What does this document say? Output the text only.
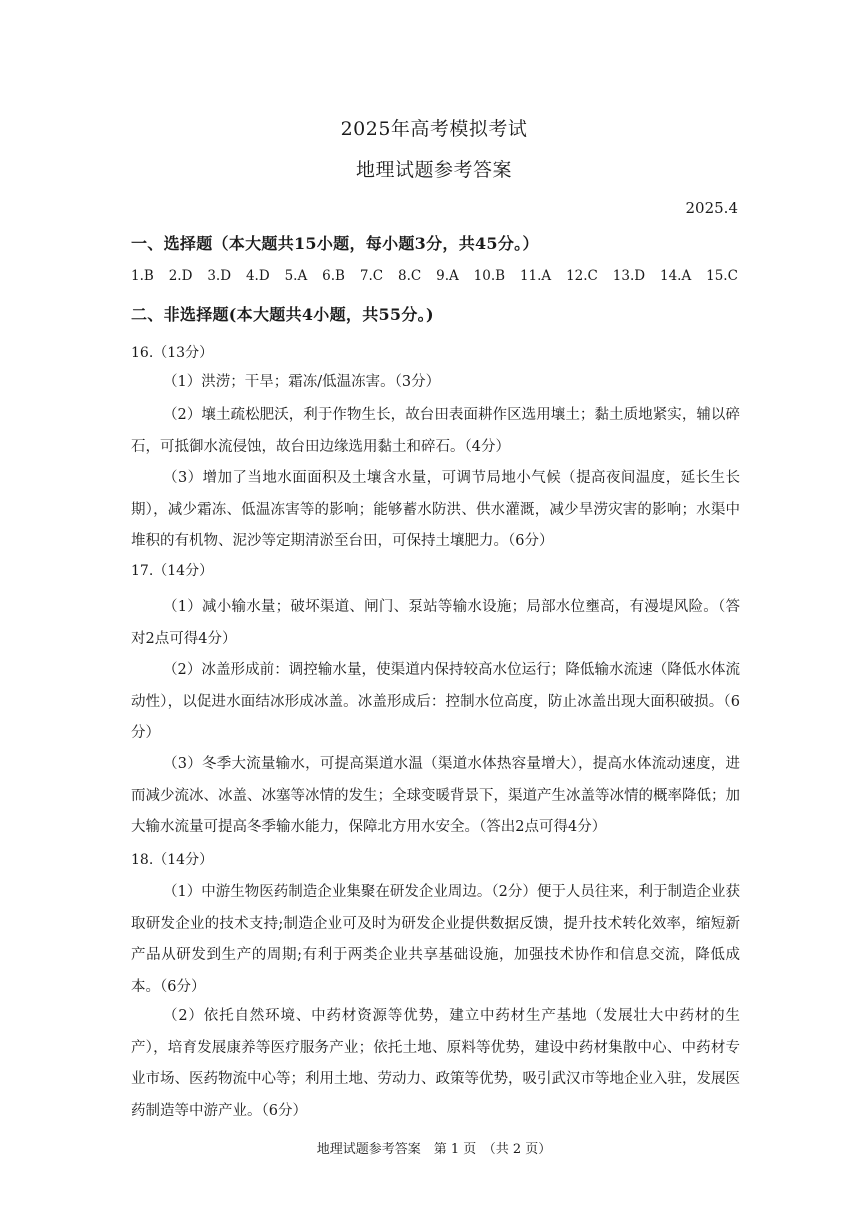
2025年高考模拟考试
地理试题参考答案
2025.4
一、选择题（本大题共15小题，每小题3分，共45分。）
1.B 2.D 3.D 4.D 5.A 6.B 7.C 8.C 9.A 10.B 11.A 12.C 13.D 14.A 15.C
二、非选择题(本大题共4小题，共55分。)
16.（13分）
（1）洪涝；干旱；霜冻/低温冻害。（3分）
（2）壤土疏松肥沃，利于作物生长，故台田表面耕作区选用壤土；黏土质地紧实，辅以碎石，可抵御水流侵蚀，故台田边缘选用黏土和碎石。（4分）
（3）增加了当地水面面积及土壤含水量，可调节局地小气候（提高夜间温度，延长生长期），减少霜冻、低温冻害等的影响；能够蓄水防洪、供水灌溉，减少旱涝灾害的影响；水渠中堆积的有机物、泥沙等定期清淤至台田，可保持土壤肥力。（6分）
17.（14分）
（1）减小输水量；破坏渠道、闸门、泵站等输水设施；局部水位壅高，有漫堤风险。（答对2点可得4分）
（2）冰盖形成前：调控输水量，使渠道内保持较高水位运行；降低输水流速（降低水体流动性），以促进水面结冰形成冰盖。冰盖形成后：控制水位高度，防止冰盖出现大面积破损。（6分）
（3）冬季大流量输水，可提高渠道水温（渠道水体热容量增大），提高水体流动速度，进而减少流冰、冰盖、冰塞等冰情的发生；全球变暖背景下，渠道产生冰盖等冰情的概率降低；加大输水流量可提高冬季输水能力，保障北方用水安全。（答出2点可得4分）
18.（14分）
（1）中游生物医药制造企业集聚在研发企业周边。（2分）便于人员往来，利于制造企业获取研发企业的技术支持;制造企业可及时为研发企业提供数据反馈，提升技术转化效率，缩短新产品从研发到生产的周期;有利于两类企业共享基础设施，加强技术协作和信息交流，降低成本。（6分）
（2）依托自然环境、中药材资源等优势，建立中药材生产基地（发展壮大中药材的生产），培育发展康养等医疗服务产业；依托土地、原料等优势，建设中药材集散中心、中药材专业市场、医药物流中心等；利用土地、劳动力、政策等优势，吸引武汉市等地企业入驻，发展医药制造等中游产业。（6分）
地理试题参考答案　第 1 页　（共 2 页）
